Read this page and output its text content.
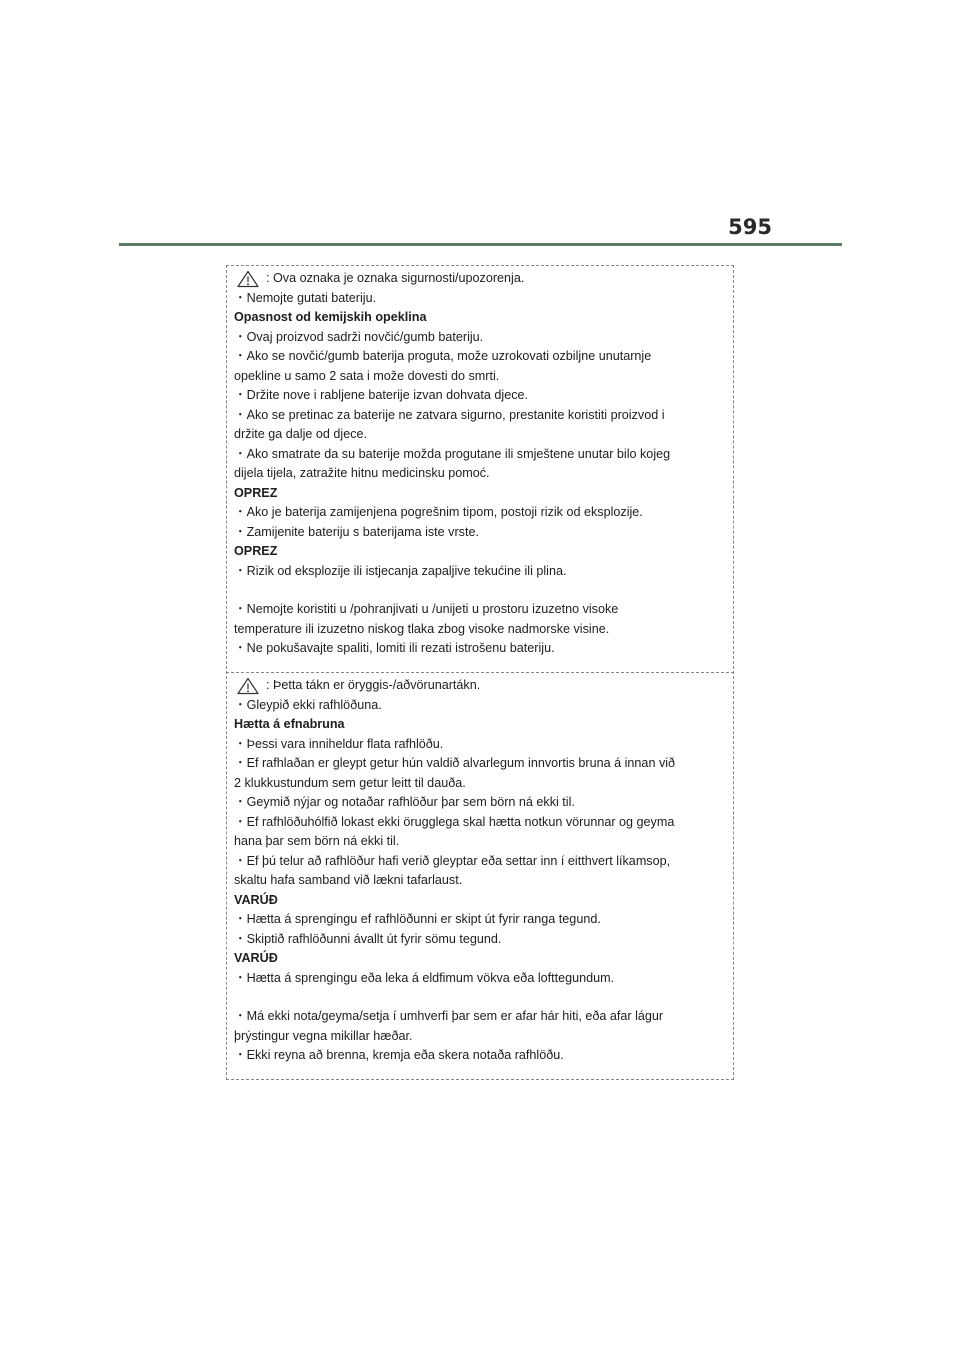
595
: Ova oznaka je oznaka sigurnosti/upozorenja.
・Nemojte gutati bateriju.
Opasnost od kemijskih opeklina
・Ovaj proizvod sadrži novčić/gumb bateriju.
・Ako se novčić/gumb baterija proguta, može uzrokovati ozbiljne unutarnje
opekline u samo 2 sata i može dovesti do smrti.
・Držite nove i rabljene baterije izvan dohvata djece.
・Ako se pretinac za baterije ne zatvara sigurno, prestanite koristiti proizvod i
držite ga dalje od djece.
・Ako smatrate da su baterije možda progutane ili smještene unutar bilo kojeg
dijela tijela, zatražite hitnu medicinsku pomoć.
OPREZ
・Ako je baterija zamijenjena pogrešnim tipom, postoji rizik od eksplozije.
・Zamijenite bateriju s baterijama iste vrste.
OPREZ
・Rizik od eksplozije ili istjecanja zapaljive tekućine ili plina.
・Nemojte koristiti u /pohranjivati u /unijeti u prostoru izuzetno visoke
temperature ili izuzetno niskog tlaka zbog visoke nadmorske visine.
・Ne pokušavajte spaliti, lomiti ili rezati istrošenu bateriju.
: Þetta tákn er öryggis-/aðvörunartákn.
・Gleypið ekki rafhlöðuna.
Hætta á efnabruna
・Þessi vara inniheldur flata rafhlöðu.
・Ef rafhlaðan er gleypt getur hún valdið alvarlegum innvortis bruna á innan við
2 klukkustundum sem getur leitt til dauða.
・Geymið nýjar og notaðar rafhlöður þar sem börn ná ekki til.
・Ef rafhlöðuhólfið lokast ekki örugglega skal hætta notkun vörunnar og geyma
hana þar sem börn ná ekki til.
・Ef þú telur að rafhlöður hafi verið gleyptar eða settar inn í eitthvert líkamsop,
skaltu hafa samband við lækni tafarlaust.
VARÚÐ
・Hætta á sprengingu ef rafhlöðunni er skipt út fyrir ranga tegund.
・Skiptið rafhlöðunni ávallt út fyrir sömu tegund.
VARÚÐ
・Hætta á sprengingu eða leka á eldfimum vökva eða lofttegundum.
・Má ekki nota/geyma/setja í umhverfi þar sem er afar hár hiti, eða afar lágur
þrýstingur vegna mikillar hæðar.
・Ekki reyna að brenna, kremja eða skera notaða rafhlöðu.
